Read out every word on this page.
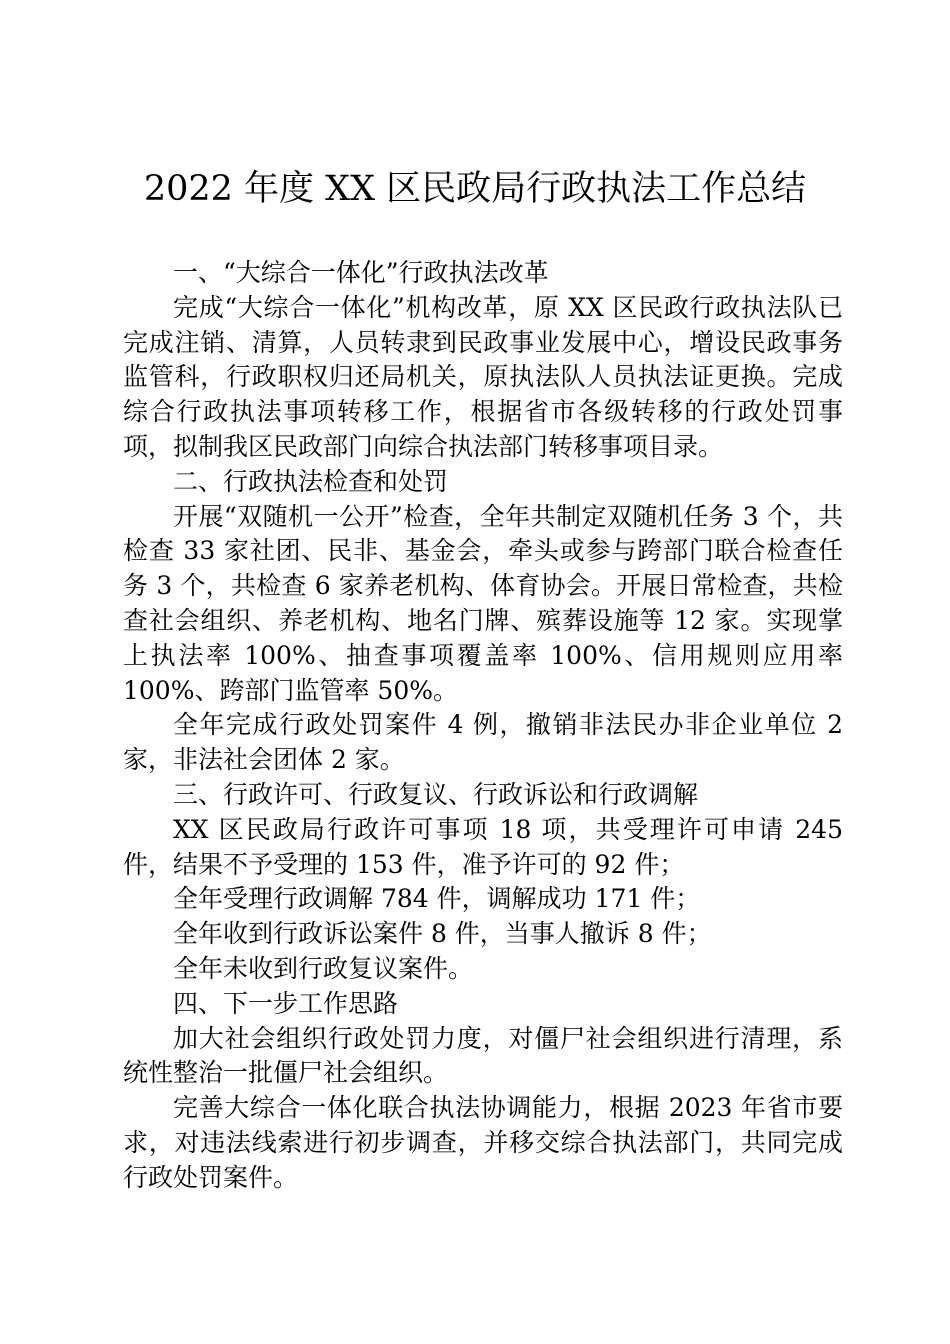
2022 年度 XX 区民政局行政执法工作总结

一、“大综合一体化”行政执法改革

完成“大综合一体化”机构改革，原 XX 区民政行政执法队已完成注销、清算，人员转隶到民政事业发展中心，增设民政事务监管科，行政职权归还局机关，原执法队人员执法证更换。完成综合行政执法事项转移工作，根据省市各级转移的行政处罚事项，拟制我区民政部门向综合执法部门转移事项目录。

二、行政执法检查和处罚

开展“双随机一公开”检查，全年共制定双随机任务 3 个，共检查 33 家社团、民非、基金会，牵头或参与跨部门联合检查任务 3 个，共检查 6 家养老机构、体育协会。开展日常检查，共检查社会组织、养老机构、地名门牌、殡葬设施等 12 家。实现掌上执法率 100%、抽查事项覆盖率 100%、信用规则应用率 100%、跨部门监管率 50%。

全年完成行政处罚案件 4 例，撤销非法民办非企业单位 2 家，非法社会团体 2 家。

三、行政许可、行政复议、行政诉讼和行政调解

XX 区民政局行政许可事项 18 项，共受理许可申请 245 件，结果不予受理的 153 件，准予许可的 92 件；

全年受理行政调解 784 件，调解成功 171 件；

全年收到行政诉讼案件 8 件，当事人撤诉 8 件；

全年未收到行政复议案件。

四、下一步工作思路

加大社会组织行政处罚力度，对僵尸社会组织进行清理，系统性整治一批僵尸社会组织。

完善大综合一体化联合执法协调能力，根据 2023 年省市要求，对违法线索进行初步调查，并移交综合执法部门，共同完成行政处罚案件。
